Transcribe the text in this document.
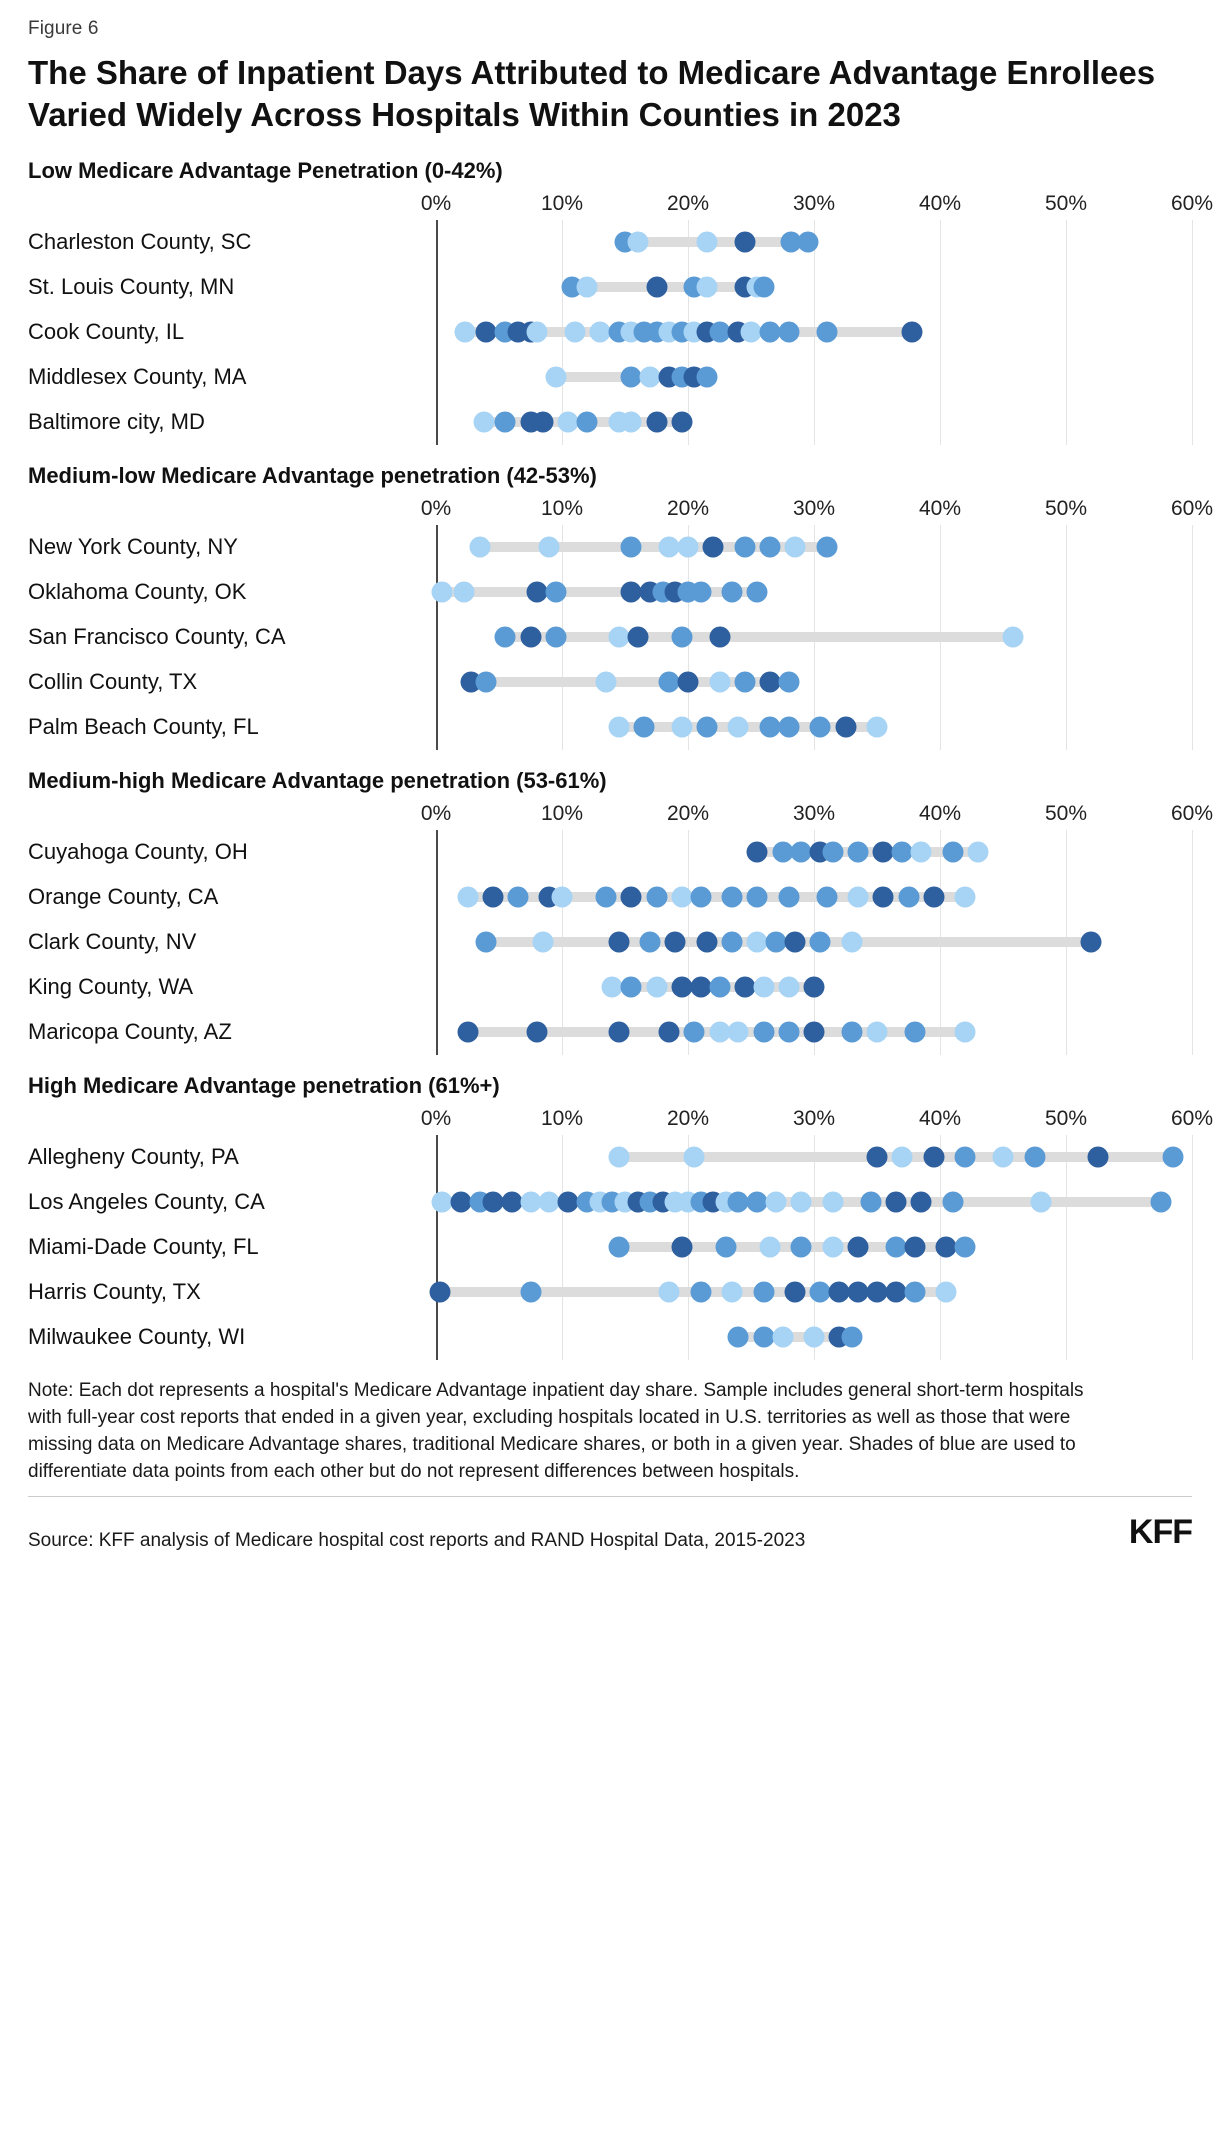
Figure 6
The Share of Inpatient Days Attributed to Medicare Advantage Enrollees Varied Widely Across Hospitals Within Counties in 2023
Low Medicare Advantage Penetration (0-42%)
0%	10%	20%	30%	40%	50%	60%
Charleston County, SC
St. Louis County, MN
Cook County, IL
Middlesex County, MA
Baltimore city, MD
Medium-low Medicare Advantage penetration (42-53%)
0%	10%	20%	30%	40%	50%	60%
New York County, NY
Oklahoma County, OK
San Francisco County, CA
Collin County, TX
Palm Beach County, FL
Medium-high Medicare Advantage penetration (53-61%)
0%	10%	20%	30%	40%	50%	60%
Cuyahoga County, OH
Orange County, CA
Clark County, NV
King County, WA
Maricopa County, AZ
High Medicare Advantage penetration (61%+)
0%	10%	20%	30%	40%	50%	60%
Allegheny County, PA
Los Angeles County, CA
Miami-Dade County, FL
Harris County, TX
Milwaukee County, WI
Note: Each dot represents a hospital's Medicare Advantage inpatient day share. Sample includes general short-term hospitals with full-year cost reports that ended in a given year, excluding hospitals located in U.S. territories as well as those that were missing data on Medicare Advantage shares, traditional Medicare shares, or both in a given year. Shades of blue are used to differentiate data points from each other but do not represent differences between hospitals.
Source: KFF analysis of Medicare hospital cost reports and RAND Hospital Data, 2015-2023	KFF
